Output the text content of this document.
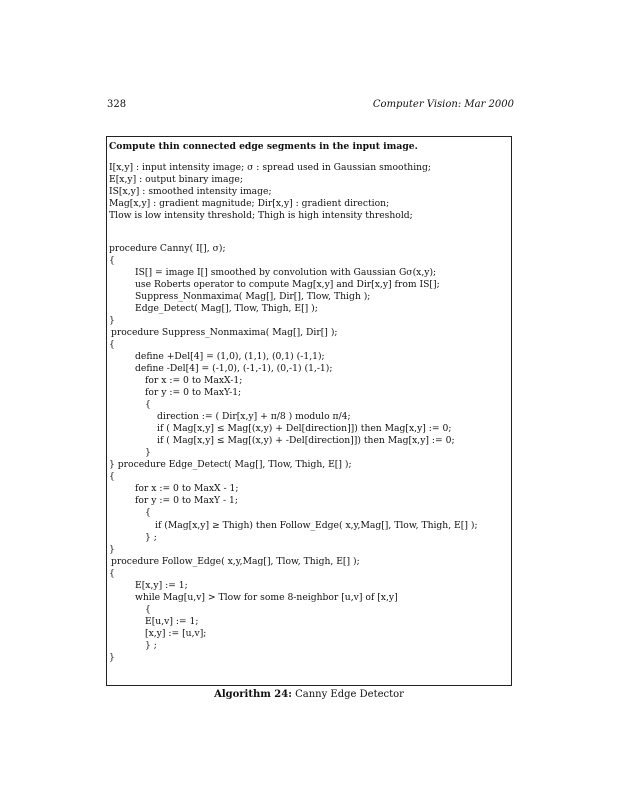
328	Computer Vision: Mar 2000
Compute thin connected edge segments in the input image.
I[x,y] : input intensity image; σ : spread used in Gaussian smoothing;
E[x,y] : output binary image;
IS[x,y] : smoothed intensity image;
Mag[x,y] : gradient magnitude; Dir[x,y] : gradient direction;
Tlow is low intensity threshold; Thigh is high intensity threshold;
procedure Canny( I[], σ);
{
IS[] = image I[] smoothed by convolution with Gaussian Gσ(x,y);
use Roberts operator to compute Mag[x,y] and Dir[x,y] from IS[];
Suppress_Nonmaxima( Mag[], Dir[], Tlow, Thigh );
Edge_Detect( Mag[], Tlow, Thigh, E[] );
}
procedure Suppress_Nonmaxima( Mag[], Dir[] );
{
define +Del[4] = (1,0), (1,1), (0,1) (-1,1);
define -Del[4] = (-1,0), (-1,-1), (0,-1) (1,-1);
for x := 0 to MaxX-1;
for y := 0 to MaxY-1;
{
direction := ( Dir[x,y] + π/8 ) modulo π/4;
if ( Mag[x,y] ≤ Mag[(x,y) + Del[direction]]) then Mag[x,y] := 0;
if ( Mag[x,y] ≤ Mag[(x,y) + -Del[direction]]) then Mag[x,y] := 0;
}
} procedure Edge_Detect( Mag[], Tlow, Thigh, E[] );
{
for x := 0 to MaxX - 1;
for y := 0 to MaxY - 1;
{
if (Mag[x,y] ≥ Thigh) then Follow_Edge( x,y,Mag[], Tlow, Thigh, E[] );
} ;
}
procedure Follow_Edge( x,y,Mag[], Tlow, Thigh, E[] );
{
E[x,y] := 1;
while Mag[u,v] > Tlow for some 8-neighbor [u,v] of [x,y]
{
E[u,v] := 1;
[x,y] := [u,v];
} ;
}
Algorithm 24: Canny Edge Detector
